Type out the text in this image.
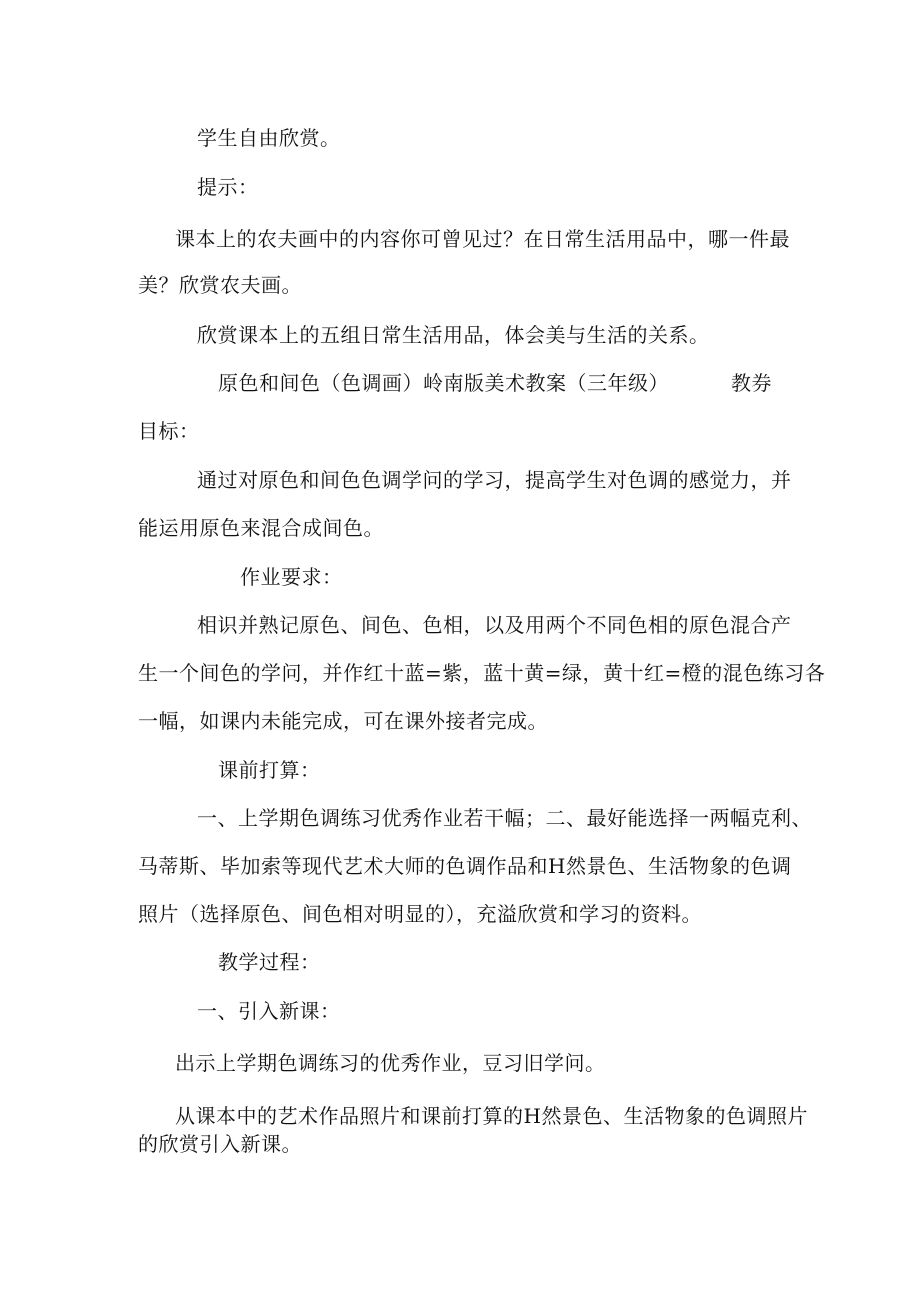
学生自由欣赏。
提示：
课本上的农夫画中的内容你可曾见过？在日常生活用品中，哪一件最
美？欣赏农夫画。
欣赏课本上的五组日常生活用品，体会美与生活的关系。
原色和间色（色调画）岭南版美术教案（三年级）	教券
目标：
通过对原色和间色色调学问的学习，提高学生对色调的感觉力，并
能运用原色来混合成间色。
作业要求：
相识并熟记原色、间色、色相，以及用两个不同色相的原色混合产
生一个间色的学问，并作红十蓝=紫，蓝十黄=绿，黄十红=橙的混色练习各
一幅，如课内未能完成，可在课外接者完成。
课前打算：
一、上学期色调练习优秀作业若干幅；二、最好能选择一两幅克利、
马蒂斯、毕加索等现代艺术大师的色调作品和H然景色、生活物象的色调
照片（选择原色、间色相对明显的），充溢欣赏和学习的资料。
教学过程：
一、引入新课：
出示上学期色调练习的优秀作业，豆习旧学问。
从课本中的艺术作品照片和课前打算的H然景色、生活物象的色调照片
的欣赏引入新课。
